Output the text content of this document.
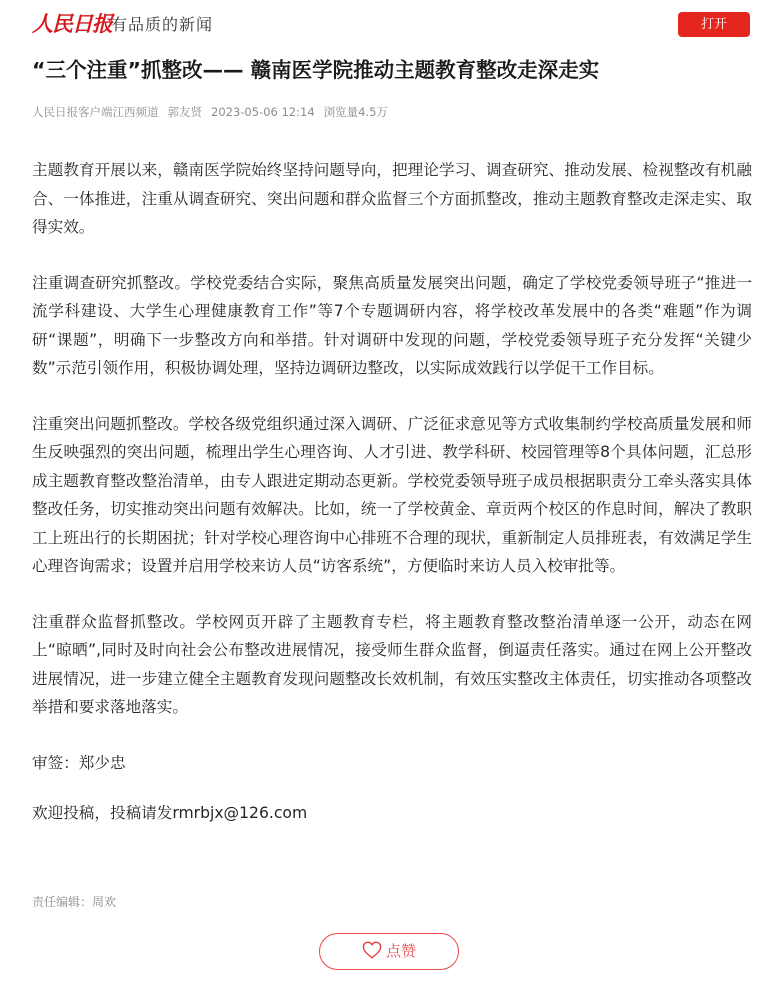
人民日报 有品质的新闻	打开
“三个注重”抓整改—— 赣南医学院推动主题教育整改走深走实
人民日报客户端江西频道 郭友贤 2023-05-06 12:14 浏览量4.5万

主题教育开展以来，赣南医学院始终坚持问题导向，把理论学习、调查研究、推动发展、检视整改有机融合、一体推进，注重从调查研究、突出问题和群众监督三个方面抓整改，推动主题教育整改走深走实、取得实效。

注重调查研究抓整改。学校党委结合实际，聚焦高质量发展突出问题，确定了学校党委领导班子“推进一流学科建设、大学生心理健康教育工作”等7个专题调研内容，将学校改革发展中的各类“难题”作为调研“课题”，明确下一步整改方向和举措。针对调研中发现的问题，学校党委领导班子充分发挥“关键少数”示范引领作用，积极协调处理，坚持边调研边整改，以实际成效践行以学促干工作目标。

注重突出问题抓整改。学校各级党组织通过深入调研、广泛征求意见等方式收集制约学校高质量发展和师生反映强烈的突出问题，梳理出学生心理咨询、人才引进、教学科研、校园管理等8个具体问题，汇总形成主题教育整改整治清单，由专人跟进定期动态更新。学校党委领导班子成员根据职责分工牵头落实具体整改任务，切实推动突出问题有效解决。比如，统一了学校黄金、章贡两个校区的作息时间，解决了教职工上班出行的长期困扰；针对学校心理咨询中心排班不合理的现状，重新制定人员排班表，有效满足学生心理咨询需求；设置并启用学校来访人员“访客系统”，方便临时来访人员入校审批等。

注重群众监督抓整改。学校网页开辟了主题教育专栏，将主题教育整改整治清单逐一公开，动态在网上“晾晒”,同时及时向社会公布整改进展情况，接受师生群众监督，倒逼责任落实。通过在网上公开整改进展情况，进一步建立健全主题教育发现问题整改长效机制，有效压实整改主体责任，切实推动各项整改举措和要求落地落实。

审签：郑少忠

欢迎投稿，投稿请发rmrbjx@126.com

责任编辑：周欢
点赞
